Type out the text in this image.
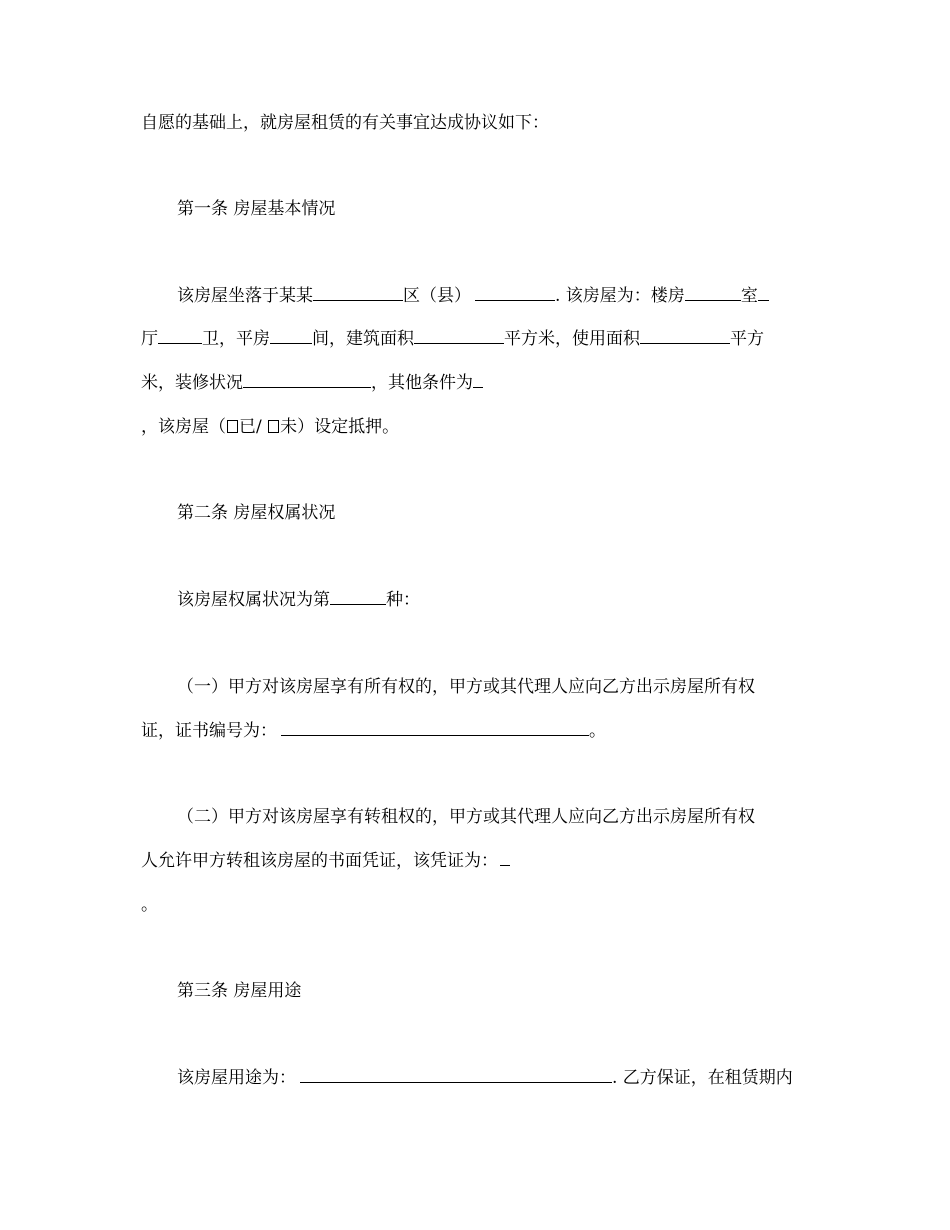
自愿的基础上，就房屋租赁的有关事宜达成协议如下：
第一条 房屋基本情况
该房屋坐落于某某	区（县）	. 该房屋为：楼房	室
厅	卫，平房 间，建筑面积	平方米，使用面积	平方
米，装修状况	，其他条件为
，该房屋（ 已/ 未）设定抵押。
第二条 房屋权属状况
该房屋权属状况为第	种：
（一）甲方对该房屋享有所有权的，甲方或其代理人应向乙方出示房屋所有权
证，证书编号为：	。
（二）甲方对该房屋享有转租权的，甲方或其代理人应向乙方出示房屋所有权
人允许甲方转租该房屋的书面凭证，该凭证为：
。
第三条 房屋用途
该房屋用途为：	. 乙方保证，在租赁期内
